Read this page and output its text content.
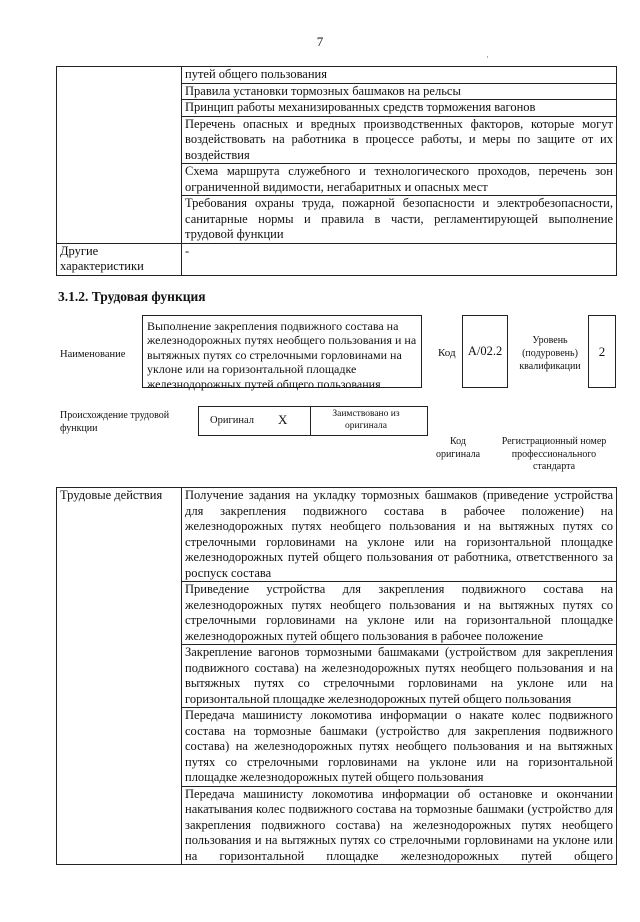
7
·
	путей общего пользования
	Правила установки тормозных башмаков на рельсы
	Принцип работы механизированных средств торможения вагонов
	Перечень опасных и вредных производственных факторов, которые могут воздействовать на работника в процессе работы, и меры по защите от их воздействия
	Схема маршрута служебного и технологического проходов, перечень зон ограниченной видимости, негабаритных и опасных мест
	Требования охраны труда, пожарной безопасности и электробезопасности, санитарные нормы и правила в части, регламентирующей выполнение трудовой функции
Другие характеристики	-
3.1.2. Трудовая функция
Наименование
Выполнение закрепления подвижного состава на железнодорожных путях необщего пользования и на вытяжных путях со стрелочными горловинами на уклоне или на горизонтальной площадке железнодорожных путей общего пользования
Код A/02.2
Уровень (подуровень) квалификации
2
Происхождение трудовой функции
Оригинал X	Заимствовано из оригинала
Код оригинала
Регистрационный номер профессионального стандарта
Трудовые действия	Получение задания на укладку тормозных башмаков (приведение устройства для закрепления подвижного состава в рабочее положение) на железнодорожных путях необщего пользования и на вытяжных путях со стрелочными горловинами на уклоне или на горизонтальной площадке железнодорожных путей общего пользования от работника, ответственного за роспуск состава
Приведение устройства для закрепления подвижного состава на железнодорожных путях необщего пользования и на вытяжных путях со стрелочными горловинами на уклоне или на горизонтальной площадке железнодорожных путей общего пользования в рабочее положение
Закрепление вагонов тормозными башмаками (устройством для закрепления подвижного состава) на железнодорожных путях необщего пользования и на вытяжных путях со стрелочными горловинами на уклоне или на горизонтальной площадке железнодорожных путей общего пользования
Передача машинисту локомотива информации о накате колес подвижного состава на тормозные башмаки (устройство для закрепления подвижного состава) на железнодорожных путях необщего пользования и на вытяжных путях со стрелочными горловинами на уклоне или на горизонтальной площадке железнодорожных путей общего пользования
Передача машинисту локомотива информации об остановке и окончании накатывания колес подвижного состава на тормозные башмаки (устройство для закрепления подвижного состава) на железнодорожных путях необщего пользования и на вытяжных путях со стрелочными горловинами на уклоне или на горизонтальной площадке железнодорожных путей общего
